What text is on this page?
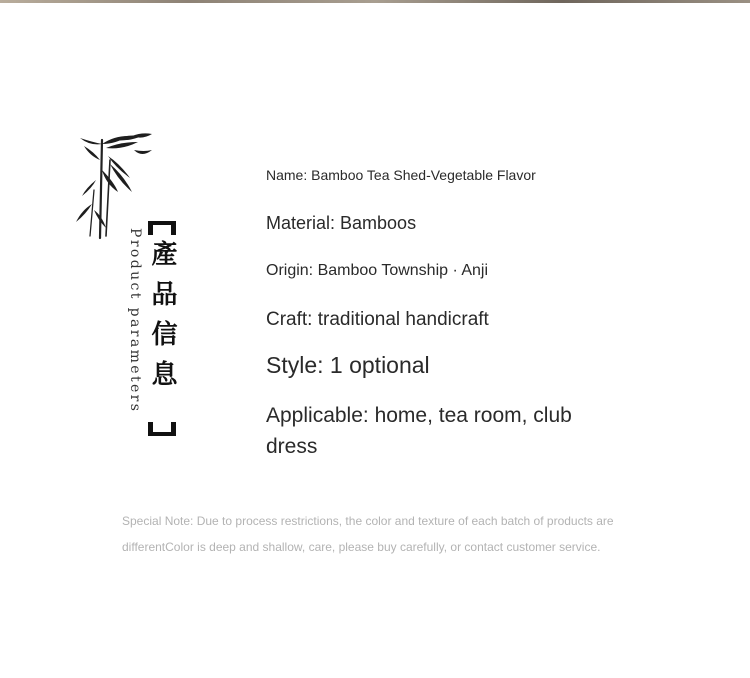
Product parameters 產品信息

Name: Bamboo Tea Shed-Vegetable Flavor

Material: Bamboos

Origin: Bamboo Township · Anji

Craft: traditional handicraft

Style: 1 optional

Applicable: home, tea room, club dress

Special Note: Due to process restrictions, the color and texture of each batch of products are differentColor is deep and shallow, care, please buy carefully, or contact customer service.
